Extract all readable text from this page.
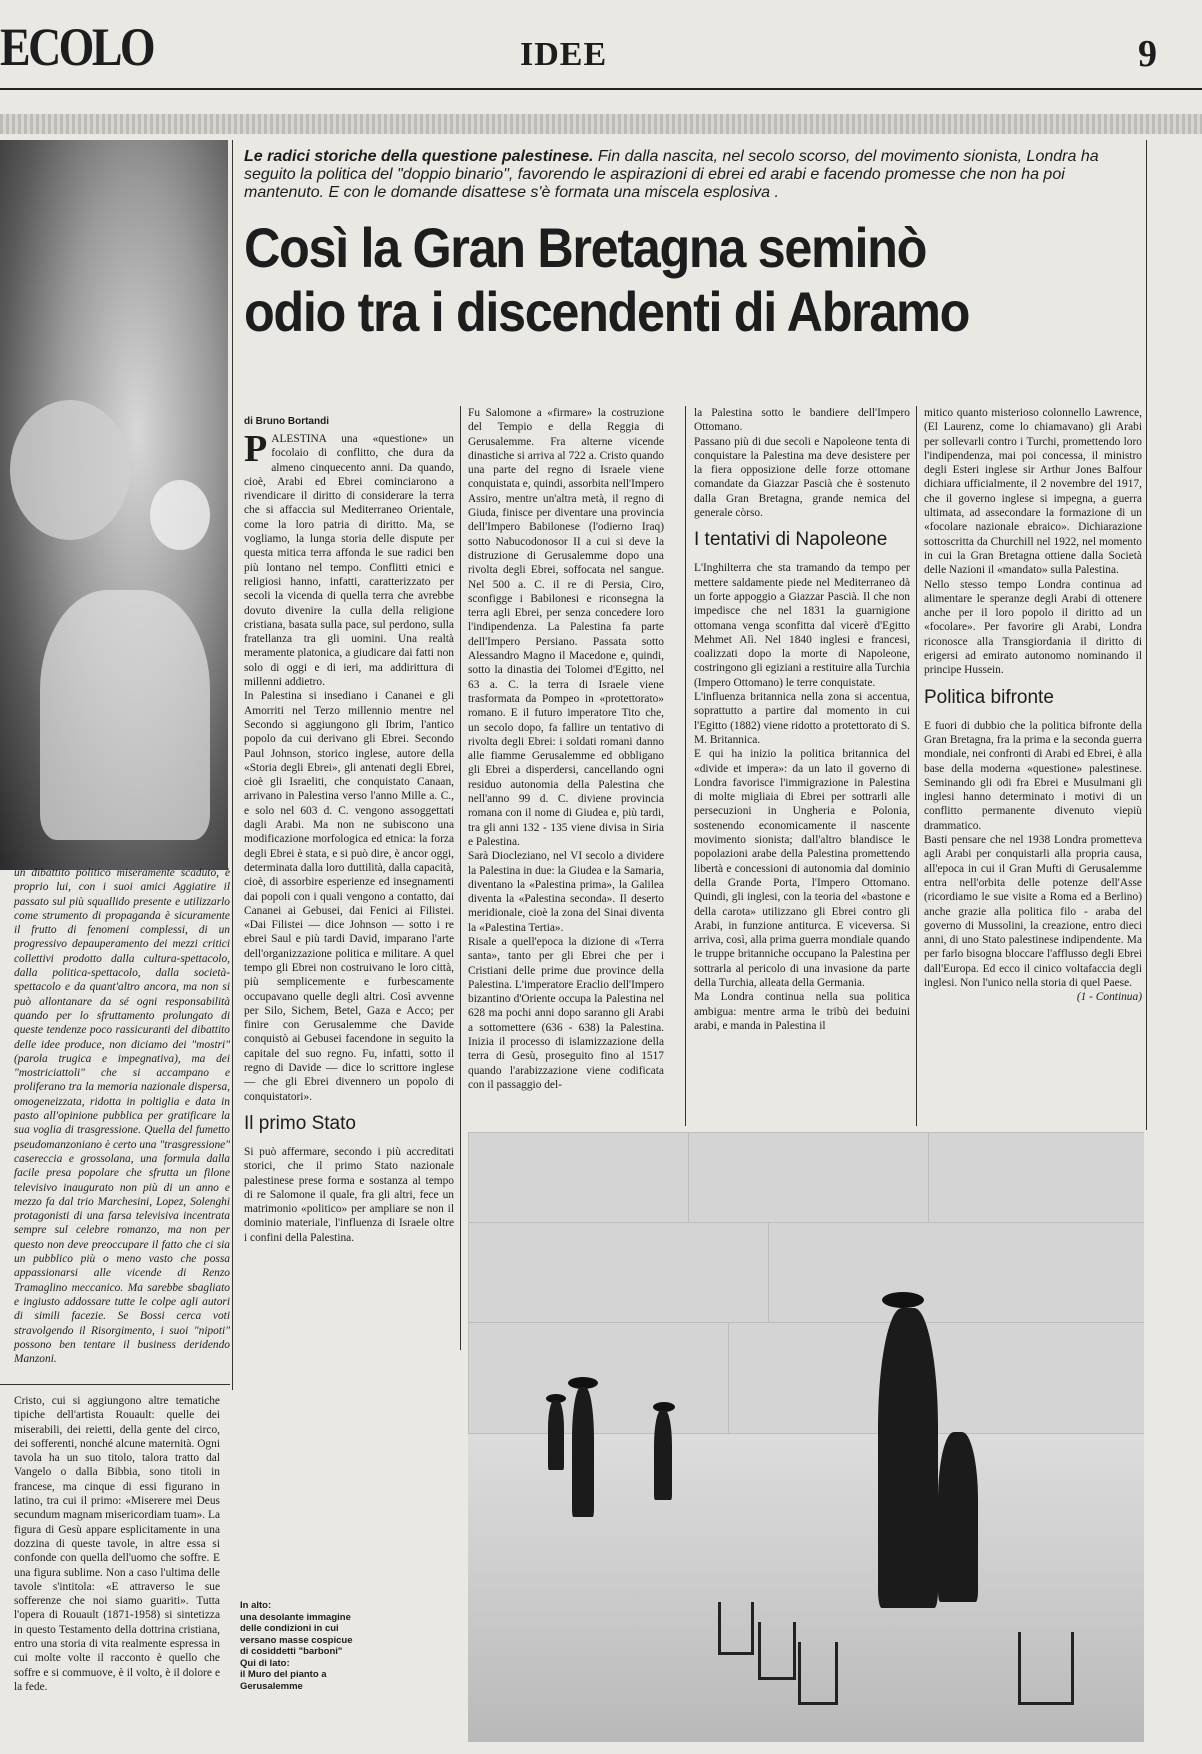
ECOLO	IDEE	9
un dibattito politico miseramente scaduto, è proprio lui, con i suoi amici Aggiatire il passato sul più squallido presente e utilizzarlo come strumento di propaganda è sicuramente il frutto di fenomeni complessi, di un progressivo depauperamento dei mezzi critici collettivi prodotto dalla cultura-spettacolo, dalla politica-spettacolo, dalla società- spettacolo e da quant'altro ancora, ma non si può allontanare da sé ogni responsabilità quando per lo sfruttamento prolungato di queste tendenze poco rassicuranti del dibattito delle idee produce, non diciamo dei "mostri" (parola trugica e impegnativa), ma dei "mostriciattoli" che si accampano e proliferano tra la memoria nazionale dispersa, omogeneizzata, ridotta in poltiglia e data in pasto all'opinione pubblica per gratificare la sua voglia di trasgressione. Quella del fumetto pseudomanzoniano è certo una "trasgressione" casereccia e grossolana, una formula dalla facile presa popolare che sfrutta un filone televisivo inaugurato non più di un anno e mezzo fa dal trio Marchesini, Lopez, Solenghi protagonisti di una farsa televisiva incentrata sempre sul celebre romanzo, ma non per questo non deve preoccupare il fatto che ci sia un pubblico più o meno vasto che possa appassionarsi alle vicende di Renzo Tramaglino meccanico. Ma sarebbe sbagliato e ingiusto addossare tutte le colpe agli autori di simili facezie. Se Bossi cerca voti stravolgendo il Risorgimento, i suoi "nipoti" possono ben tentare il business deridendo Manzoni.
Cristo, cui si aggiungono altre tematiche tipiche dell'artista Rouault: quelle dei miserabili, dei reietti, della gente del circo, dei sofferenti, nonché alcune maternità. Ogni tavola ha un suo titolo, talora tratto dal Vangelo o dalla Bibbia, sono titoli in francese, ma cinque di essi figurano in latino, tra cui il primo: «Miserere mei Deus secundum magnam misericordiam tuam». La figura di Gesù appare esplicitamente in una dozzina di queste tavole, in altre essa si confonde con quella dell'uomo che soffre. E una figura sublime. Non a caso l'ultima delle tavole s'intitola: «E attraverso le sue sofferenze che noi siamo guariti». Tutta l'opera di Rouault (1871-1958) si sintetizza in questo Testamento della dottrina cristiana, entro una storia di vita realmente espressa in cui molte volte il racconto è quello che soffre e si commuove, è il volto, è il dolore e la fede.
In alto:
una desolante immagine delle condizioni in cui versano masse cospicue di cosiddetti "barboni"
Qui di lato:
il Muro del pianto a Gerusalemme
Le radici storiche della questione palestinese. Fin dalla nascita, nel secolo scorso, del movimento sionista, Londra ha seguito la politica del "doppio binario", favorendo le aspirazioni di ebrei ed arabi e facendo promesse che non ha poi mantenuto. E con le domande disattese s'è formata una miscela esplosiva .
Così la Gran Bretagna seminò
odio tra i discendenti di Abramo
di Bruno Bortandi

PALESTINA una «questione» un focolaio di conflitto, che dura da almeno cinquecento anni. Da quando, cioè, Arabi ed Ebrei cominciarono a rivendicare il diritto di considerare la terra che si affaccia sul Mediterraneo Orientale, come la loro patria di diritto. Ma, se vogliamo, la lunga storia delle dispute per questa mitica terra affonda le sue radici ben più lontano nel tempo. Conflitti etnici e religiosi hanno, infatti, caratterizzato per secoli la vicenda di quella terra che avrebbe dovuto divenire la culla della religione cristiana, basata sulla pace, sul perdono, sulla fratellanza tra gli uomini. Una realtà meramente platonica, a giudicare dai fatti non solo di oggi e di ieri, ma addirittura di millenni addietro.

In Palestina si insediano i Cananei e gli Amorriti nel Terzo millennio mentre nel Secondo si aggiungono gli Ibrim, l'antico popolo da cui derivano gli Ebrei. Secondo Paul Johnson, storico inglese, autore della «Storia degli Ebrei», gli antenati degli Ebrei, cioè gli Israeliti, che conquistato Canaan, arrivano in Palestina verso l'anno Mille a. C., e solo nel 603 d. C. vengono assoggettati dagli Arabi. Ma non ne subiscono una modificazione morfologica ed etnica: la forza degli Ebrei è stata, e si può dire, è ancor oggi, determinata dalla loro duttilità, dalla capacità, cioè, di assorbire esperienze ed insegnamenti dai popoli con i quali vengono a contatto, dai Cananei ai Gebusei, dai Fenici ai Filistei. «Dai Filistei — dice Johnson — sotto i re ebrei Saul e più tardi David, imparano l'arte dell'organizzazione politica e militare. A quel tempo gli Ebrei non costruivano le loro città, più semplicemente e furbescamente occupavano quelle degli altri. Così avvenne per Silo, Sichem, Betel, Gaza e Acco; per finire con Gerusalemme che Davide conquistò ai Gebusei facendone in seguito la capitale del suo regno. Fu, infatti, sotto il regno di Davide — dice lo scrittore inglese — che gli Ebrei divennero un popolo di conquistatori».

Il primo Stato

Si può affermare, secondo i più accreditati storici, che il primo Stato nazionale palestinese prese forma e sostanza al tempo di re Salomone il quale, fra gli altri, fece un matrimonio «politico» per ampliare se non il dominio materiale, l'influenza di Israele oltre i confini della Palestina.

Fu Salomone a «firmare» la costruzione del Tempio e della Reggia di Gerusalemme. Fra alterne vicende dinastiche si arriva al 722 a. Cristo quando una parte del regno di Israele viene conquistata e, quindi, assorbita nell'Impero Assiro, mentre un'altra metà, il regno di Giuda, finisce per diventare una provincia dell'Impero Babilonese (l'odierno Iraq) sotto Nabucodonosor II a cui si deve la distruzione di Gerusalemme dopo una rivolta degli Ebrei, soffocata nel sangue. Nel 500 a. C. il re di Persia, Ciro, sconfigge i Babilonesi e riconsegna la terra agli Ebrei, per senza concedere loro l'indipendenza. La Palestina fa parte dell'Impero Persiano. Passata sotto Alessandro Magno il Macedone e, quindi, sotto la dinastia dei Tolomei d'Egitto, nel 63 a. C. la terra di Israele viene trasformata da Pompeo in «protettorato» romano. E il futuro imperatore Tito che, un secolo dopo, fa fallire un tentativo di rivolta degli Ebrei: i soldati romani danno alle fiamme Gerusalemme ed obbligano gli Ebrei a disperdersi, cancellando ogni residuo autonomia della Palestina che nell'anno 99 d. C. diviene provincia romana con il nome di Giudea e, più tardi, tra gli anni 132 - 135 viene divisa in Siria e Palestina.

Sarà Diocleziano, nel VI secolo a dividere la Palestina in due: la Giudea e la Samaria, diventano la «Palestina prima», la Galilea diventa la «Palestina seconda». Il deserto meridionale, cioè la zona del Sinai diventa la «Palestina Tertia».

Risale a quell'epoca la dizione di «Terra santa», tanto per gli Ebrei che per i Cristiani delle prime due province della Palestina. L'imperatore Eraclio dell'Impero bizantino d'Oriente occupa la Palestina nel 628 ma pochi anni dopo saranno gli Arabi a sottometterе (636 - 638) la Palestina. Inizia il processo di islamizzazione della terra di Gesù, proseguito fino al 1517 quando l'arabizzazione viene codificata con il passaggio del-

la Palestina sotto le bandiere dell'Impero Ottomano.

Passano più di due secoli e Napoleone tenta di conquistare la Palestina ma deve desistere per la fiera opposizione delle forze ottomane comandate da Giazzar Pascià che è sostenuto dalla Gran Bretagna, grande nemica del generale còrso.

I tentativi di Napoleone

L'Inghilterra che sta tramando da tempo per mettere saldamente piede nel Mediterraneo dà un forte appoggio a Giazzar Pascià. Il che non impedisce che nel 1831 la guarnigione ottomana venga sconfitta dal vicerè d'Egitto Mehmet Alì. Nel 1840 inglesi e francesi, coalizzati dopo la morte di Napoleone, costringono gli egiziani a restituire alla Turchia (Impero Ottomano) le terre conquistate.

L'influenza britannica nella zona si accentua, soprattutto a partire dal momento in cui l'Egitto (1882) viene ridotto a protettorato di S. M. Britannica.

E qui ha inizio la politica britannica del «divide et impera»: da un lato il governo di Londra favorisce l'immigrazione in Palestina di molte migliaia di Ebrei per sottrarli alle persecuzioni in Ungheria e Polonia, sostenendo economicamente il nascente movimento sionista; dall'altro blandisce le popolazioni arabe della Palestina promettendo libertà e concessioni di autonomia dal dominio della Grande Porta, l'Impero Ottomano. Quindi, gli inglesi, con la teoria del «bastone e della carota» utilizzano gli Ebrei contro gli Arabi, in funzione antiturca. E viceversa. Si arriva, così, alla prima guerra mondiale quando le truppe britanniche occupano la Palestina per sottrarla al pericolo di una invasione da parte della Turchia, alleata della Germania.

Ma Londra continua nella sua politica ambigua: mentre arma le tribù dei beduini arabi, e manda in Palestina il

mitico quanto misterioso colonnello Lawrence, (El Laurenz, come lo chiamavano) gli Arabi per sollevarli contro i Turchi, promettendo loro l'indipendenza, mai poi concessa, il ministro degli Esteri inglese sir Arthur Jones Balfour dichiara ufficialmente, il 2 novembre del 1917, che il governo inglese si impegna, a guerra ultimata, ad assecondare la formazione di un «focolare nazionale ebraico». Dichiarazione sottoscritta da Churchill nel 1922, nel momento in cui la Gran Bretagna ottiene dalla Società delle Nazioni il «mandato» sulla Palestina.

Nello stesso tempo Londra continua ad alimentare le speranze degli Arabi di ottenere anche per il loro popolo il diritto ad un «focolare». Per favorire gli Arabi, Londra riconosce alla Transgiordania il diritto di erigersi ad emirato autonomo nominando il principe Hussein.

Politica bifronte

E fuori di dubbio che la politica bifronte della Gran Bretagna, fra la prima e la seconda guerra mondiale, nei confronti di Arabi ed Ebrei, è alla base della moderna «questione» palestinese. Seminando gli odi fra Ebrei e Musulmani gli inglesi hanno determinato i motivi di un conflitto permanente divenuto viepiù drammatico.

Basti pensare che nel 1938 Londra prometteva agli Arabi per conquistarli alla propria causa, all'epoca in cui il Gran Mufti di Gerusalemme entra nell'orbita delle potenze dell'Asse (ricordiamo le sue visite a Roma ed a Berlino) anche grazie alla politica filo - araba del governo di Mussolini, la creazione, entro dieci anni, di uno Stato palestinese indipendente. Ma per farlo bisogna bloccare l'afflusso degli Ebrei dall'Europa. Ed ecco il cinico voltafaccia degli inglesi. Non l'unico nella storia di quel Paese.

(1 - Continua)
